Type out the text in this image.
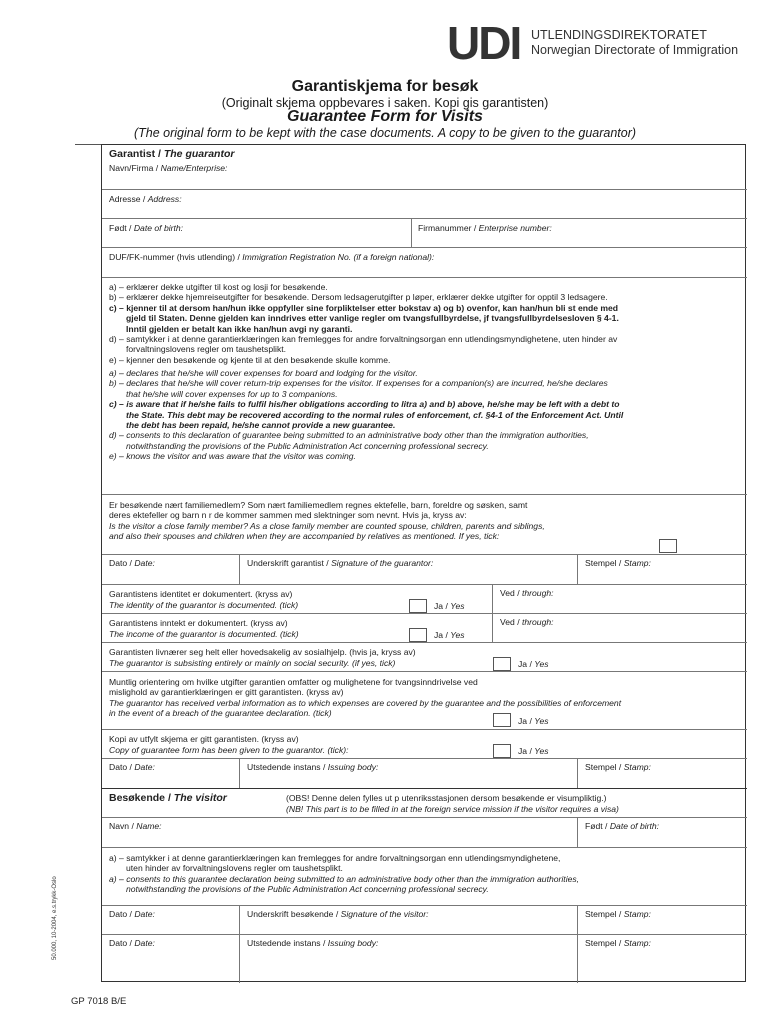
UDI UTLENDINGSDIREKTORATET
Norwegian Directorate of Immigration
Garantiskjema for besøk
(Originalt skjema oppbevares i saken. Kopi gis garantisten)
Guarantee Form for Visits
(The original form to be kept with the case documents. A copy to be given to the guarantor)
Garantist / The guarantor
Navn/Firma / Name/Enterprise:
Adresse / Address:
Født / Date of birth:	Firmanummer / Enterprise number:
DUF/FK-nummer (hvis utlending) / Immigration Registration No. (if a foreign national):

a) – erklærer dekke utgifter til kost og losji for besøkende.

b) – erklærer dekke hjemreiseutgifter for besøkende. Dersom ledsagerutgifter p løper, erklærer dekke utgifter for opptil 3 ledsagere.

c) – kjenner til at dersom han/hun ikke oppfyller sine forpliktelser etter bokstav a) og b) ovenfor, kan han/hun bli st ende med

gjeld til Staten. Denne gjelden kan inndrives etter vanlige regler om tvangsfullbyrdelse, jf tvangsfullbyrdelsesloven § 4-1.

Inntil gjelden er betalt kan ikke han/hun avgi ny garanti.

d) – samtykker i at denne garantierklæringen kan fremlegges for andre forvaltningsorgan enn utlendingsmyndighetene, uten hinder av

forvaltningslovens regler om taushetsplikt.

e) – kjenner den besøkende og kjente til at den besøkende skulle komme.

a) – declares that he/she will cover expenses for board and lodging for the visitor.

b) – declares that he/she will cover return-trip expenses for the visitor. If expenses for a companion(s) are incurred, he/she declares

that he/she will cover expenses for up to 3 companions.

c) – is aware that if he/she fails to fulfil his/her obligations according to litra a) and b) above, he/she may be left with a debt to

the State. This debt may be recovered according to the normal rules of enforcement, cf. §4-1 of the Enforcement Act. Until

the debt has been repaid, he/she cannot provide a new guarantee.

d) – consents to this declaration of guarantee being submitted to an administrative body other than the immigration authorities,

notwithstanding the provisions of the Public Administration Act concerning professional secrecy.

e) – knows the visitor and was aware that the visitor was coming.

Er besøkende nært familiemedlem? Som nært familiemedlem regnes ektefelle, barn, foreldre og søsken, samt

deres ektefeller og barn n r de kommer sammen med slektninger som nevnt. Hvis ja, kryss av:

Is the visitor a close family member? As a close family member are counted spouse, children, parents and siblings,

and also their spouses and children when they are accompanied by relatives as mentioned. If yes, tick:

Dato / Date:	Underskrift garantist / Signature of the guarantor:	Stempel / Stamp:
Garantistens identitet er dokumentert. (kryss av)
The identity of the guarantor is documented. (tick)	Ja / Yes
Ved / through:
Garantistens inntekt er dokumentert. (kryss av)
The income of the guarantor is documented. (tick)	Ja / Yes
Ved / through:
Garantisten livnærer seg helt eller hovedsakelig av sosialhjelp. (hvis ja, kryss av)
The guarantor is subsisting entirely or mainly on social security. (if yes, tick)	Ja / Yes

Muntlig orientering om hvilke utgifter garantien omfatter og mulighetene for tvangsinndrivelse ved

mislighold av garantierklæringen er gitt garantisten. (kryss av)

The guarantor has received verbal information as to which expenses are covered by the guarantee and the possibilities of enforcement

in the event of a breach of the guarantee declaration. (tick)

Ja / Yes
Kopi av utfylt skjema er gitt garantisten. (kryss av)
Copy of guarantee form has been given to the guarantor. (tick):	Ja / Yes
Dato / Date:	Utstedende instans / Issuing body:	Stempel / Stamp:
Besøkende / The visitor	(OBS! Denne delen fylles ut p utenriksstasjonen dersom besøkende er visumpliktig.)
(NB! This part is to be filled in at the foreign service mission if the visitor requires a visa)
Navn / Name:	Født / Date of birth:

a) – samtykker i at denne garantierklæringen kan fremlegges for andre forvaltningsorgan enn utlendingsmyndighetene,

uten hinder av forvaltningslovens regler om taushetsplikt.

a) – consents to this guarantee declaration being submitted to an administrative body other than the immigration authorities,

notwithstanding the provisions of the Public Administration Act concerning professional secrecy.

Dato / Date:	Underskrift besøkende / Signature of the visitor:	Stempel / Stamp:
Dato / Date:	Utstedende instans / Issuing body:	Stempel / Stamp:
50.000, 10-2004, e.s.trykk-Oslo
GP 7018 B/E
